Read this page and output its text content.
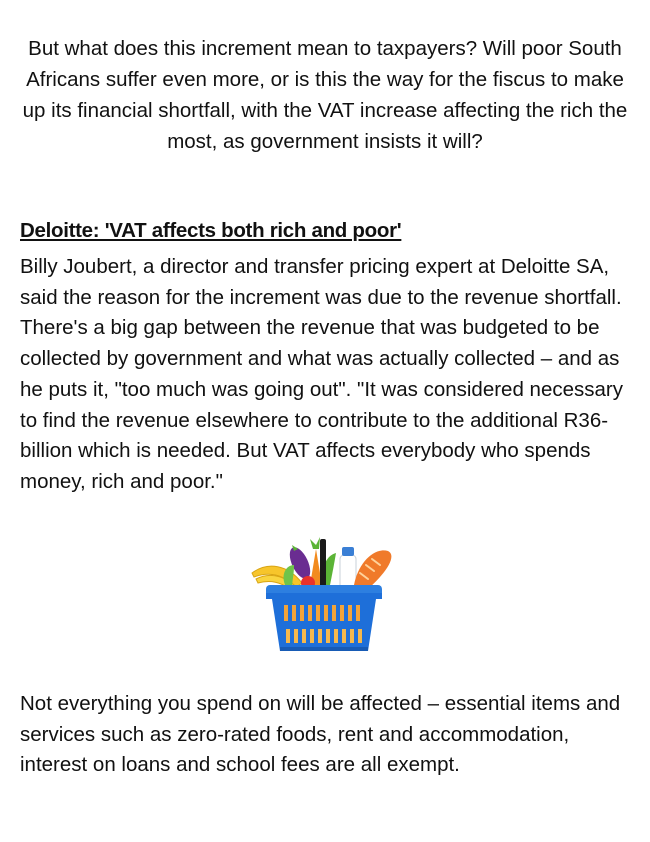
But what does this increment mean to taxpayers? Will poor South Africans suffer even more, or is this the way for the fiscus to make up its financial shortfall, with the VAT increase affecting the rich the most, as government insists it will?

Deloitte: 'VAT affects both rich and poor'

Billy Joubert, a director and transfer pricing expert at Deloitte SA, said the reason for the increment was due to the revenue shortfall. There's a big gap between the revenue that was budgeted to be collected by government and what was actually collected – and as he puts it, "too much was going out". "It was considered necessary to find the revenue elsewhere to contribute to the additional R36-billion which is needed. But VAT affects everybody who spends money, rich and poor."

Not everything you spend on will be affected – essential items and services such as zero-rated foods, rent and accommodation, interest on loans and school fees are all exempt.
